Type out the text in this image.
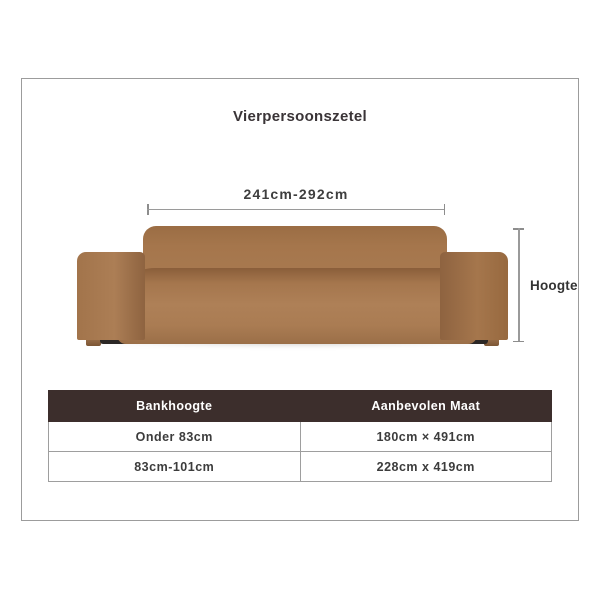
Vierpersoonszetel
241cm-292cm
Hoogte
Bankhoogte	Aanbevolen Maat
Onder 83cm	180cm × 491cm
83cm-101cm	228cm x 419cm
